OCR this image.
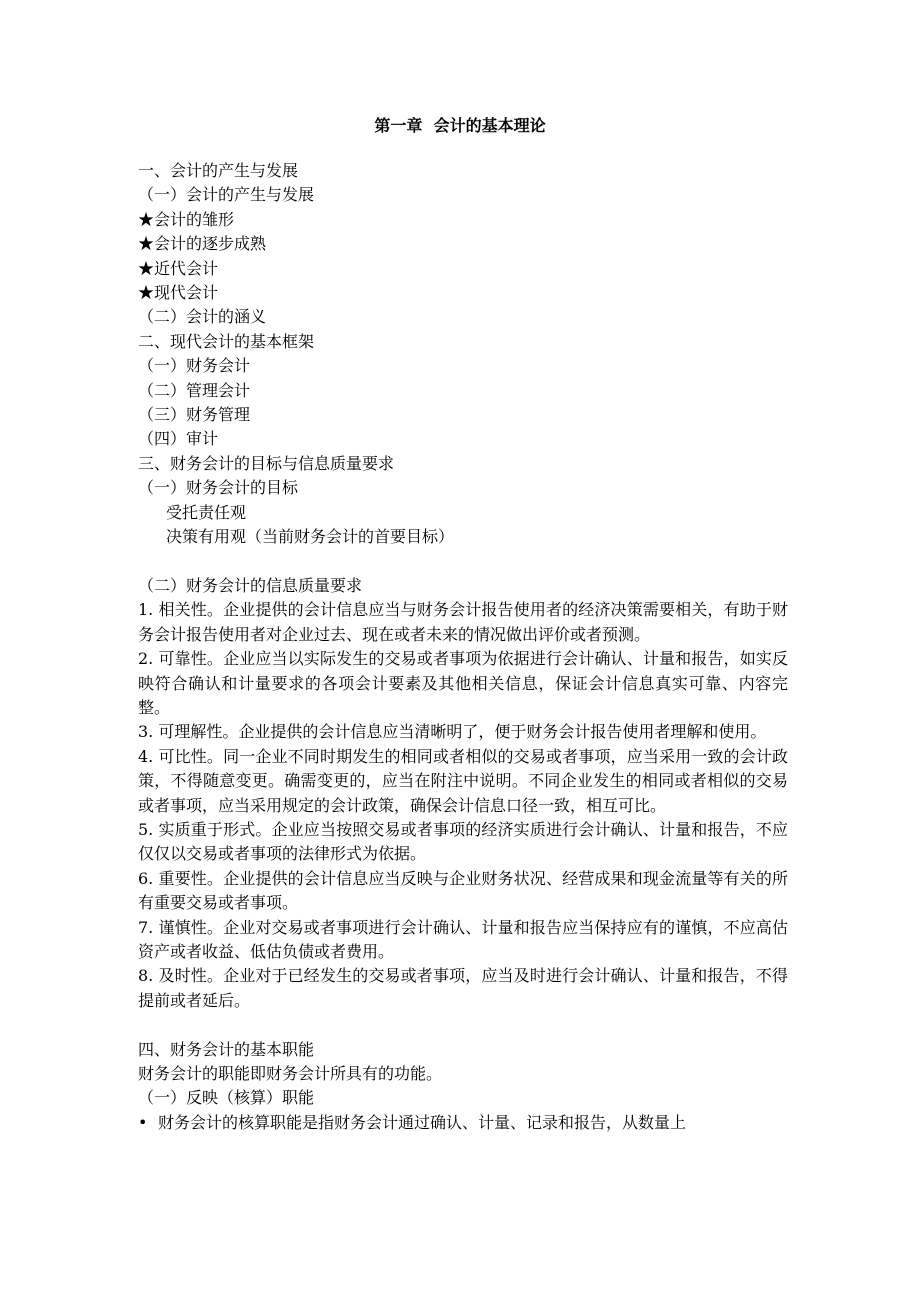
第一章  会计的基本理论

一、会计的产生与发展

（一）会计的产生与发展

★会计的雏形

★会计的逐步成熟

★近代会计

★现代会计

（二）会计的涵义

二、现代会计的基本框架

（一）财务会计

（二）管理会计

（三）财务管理

（四）审计

三、财务会计的目标与信息质量要求

（一）财务会计的目标

受托责任观

决策有用观（当前财务会计的首要目标）

（二）财务会计的信息质量要求

1. 相关性。企业提供的会计信息应当与财务会计报告使用者的经济决策需要相关，有助于财务会计报告使用者对企业过去、现在或者未来的情况做出评价或者预测。

2. 可靠性。企业应当以实际发生的交易或者事项为依据进行会计确认、计量和报告，如实反映符合确认和计量要求的各项会计要素及其他相关信息，保证会计信息真实可靠、内容完整。

3. 可理解性。企业提供的会计信息应当清晰明了，便于财务会计报告使用者理解和使用。

4. 可比性。同一企业不同时期发生的相同或者相似的交易或者事项，应当采用一致的会计政策，不得随意变更。确需变更的，应当在附注中说明。不同企业发生的相同或者相似的交易或者事项，应当采用规定的会计政策，确保会计信息口径一致，相互可比。

5. 实质重于形式。企业应当按照交易或者事项的经济实质进行会计确认、计量和报告，不应仅仅以交易或者事项的法律形式为依据。

6. 重要性。企业提供的会计信息应当反映与企业财务状况、经营成果和现金流量等有关的所有重要交易或者事项。

7. 谨慎性。企业对交易或者事项进行会计确认、计量和报告应当保持应有的谨慎，不应高估资产或者收益、低估负债或者费用。

8. 及时性。企业对于已经发生的交易或者事项，应当及时进行会计确认、计量和报告，不得提前或者延后。

四、财务会计的基本职能

财务会计的职能即财务会计所具有的功能。

（一）反映（核算）职能

• 财务会计的核算职能是指财务会计通过确认、计量、记录和报告，从数量上
